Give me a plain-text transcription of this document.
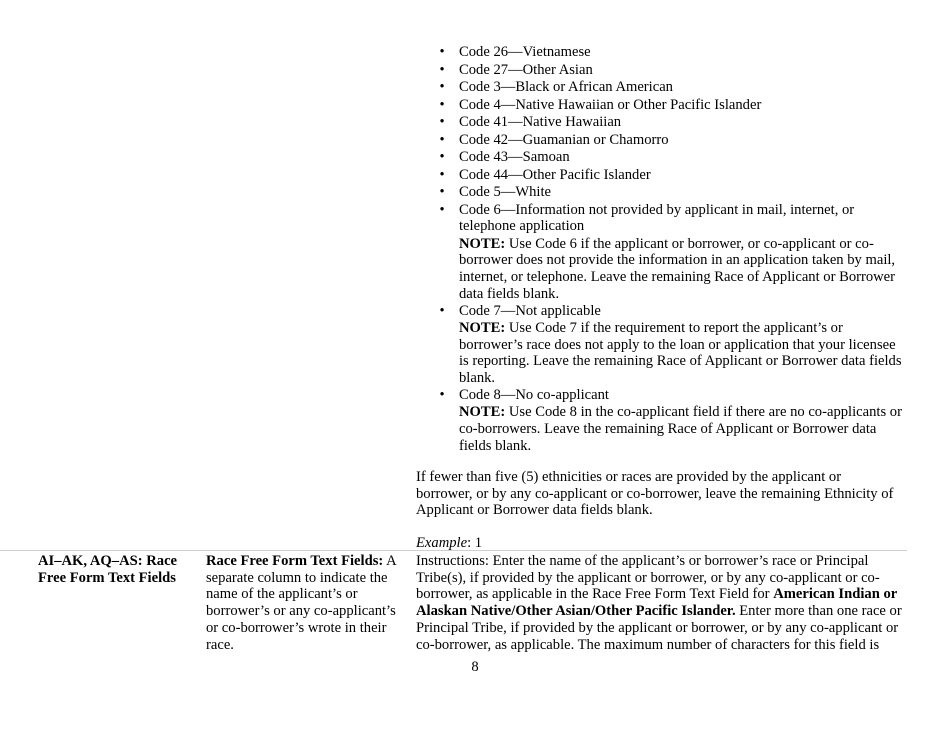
• Code 26—Vietnamese
• Code 27—Other Asian
• Code 3—Black or African American
• Code 4—Native Hawaiian or Other Pacific Islander
• Code 41—Native Hawaiian
• Code 42—Guamanian or Chamorro
• Code 43—Samoan
• Code 44—Other Pacific Islander
• Code 5—White
• Code 6—Information not provided by applicant in mail, internet, or telephone application
NOTE: Use Code 6 if the applicant or borrower, or co-applicant or co-borrower does not provide the information in an application taken by mail, internet, or telephone. Leave the remaining Race of Applicant or Borrower data fields blank.
• Code 7—Not applicable
NOTE: Use Code 7 if the requirement to report the applicant’s or borrower’s race does not apply to the loan or application that your licensee is reporting. Leave the remaining Race of Applicant or Borrower data fields blank.
• Code 8—No co-applicant
NOTE: Use Code 8 in the co-applicant field if there are no co-applicants or co-borrowers. Leave the remaining Race of Applicant or Borrower data fields blank.

If fewer than five (5) ethnicities or races are provided by the applicant or borrower, or by any co-applicant or co-borrower, leave the remaining Ethnicity of Applicant or Borrower data fields blank.

Example: 1

AI–AK, AQ–AS: Race Free Form Text Fields

Race Free Form Text Fields: A separate column to indicate the name of the applicant’s or borrower’s or any co-applicant’s or co-borrower’s wrote in their race.

Instructions: Enter the name of the applicant’s or borrower’s race or Principal Tribe(s), if provided by the applicant or borrower, or by any co-applicant or co-borrower, as applicable in the Race Free Form Text Field for American Indian or Alaskan Native/Other Asian/Other Pacific Islander. Enter more than one race or Principal Tribe, if provided by the applicant or borrower, or by any co-applicant or co-borrower, as applicable. The maximum number of characters for this field is

8
